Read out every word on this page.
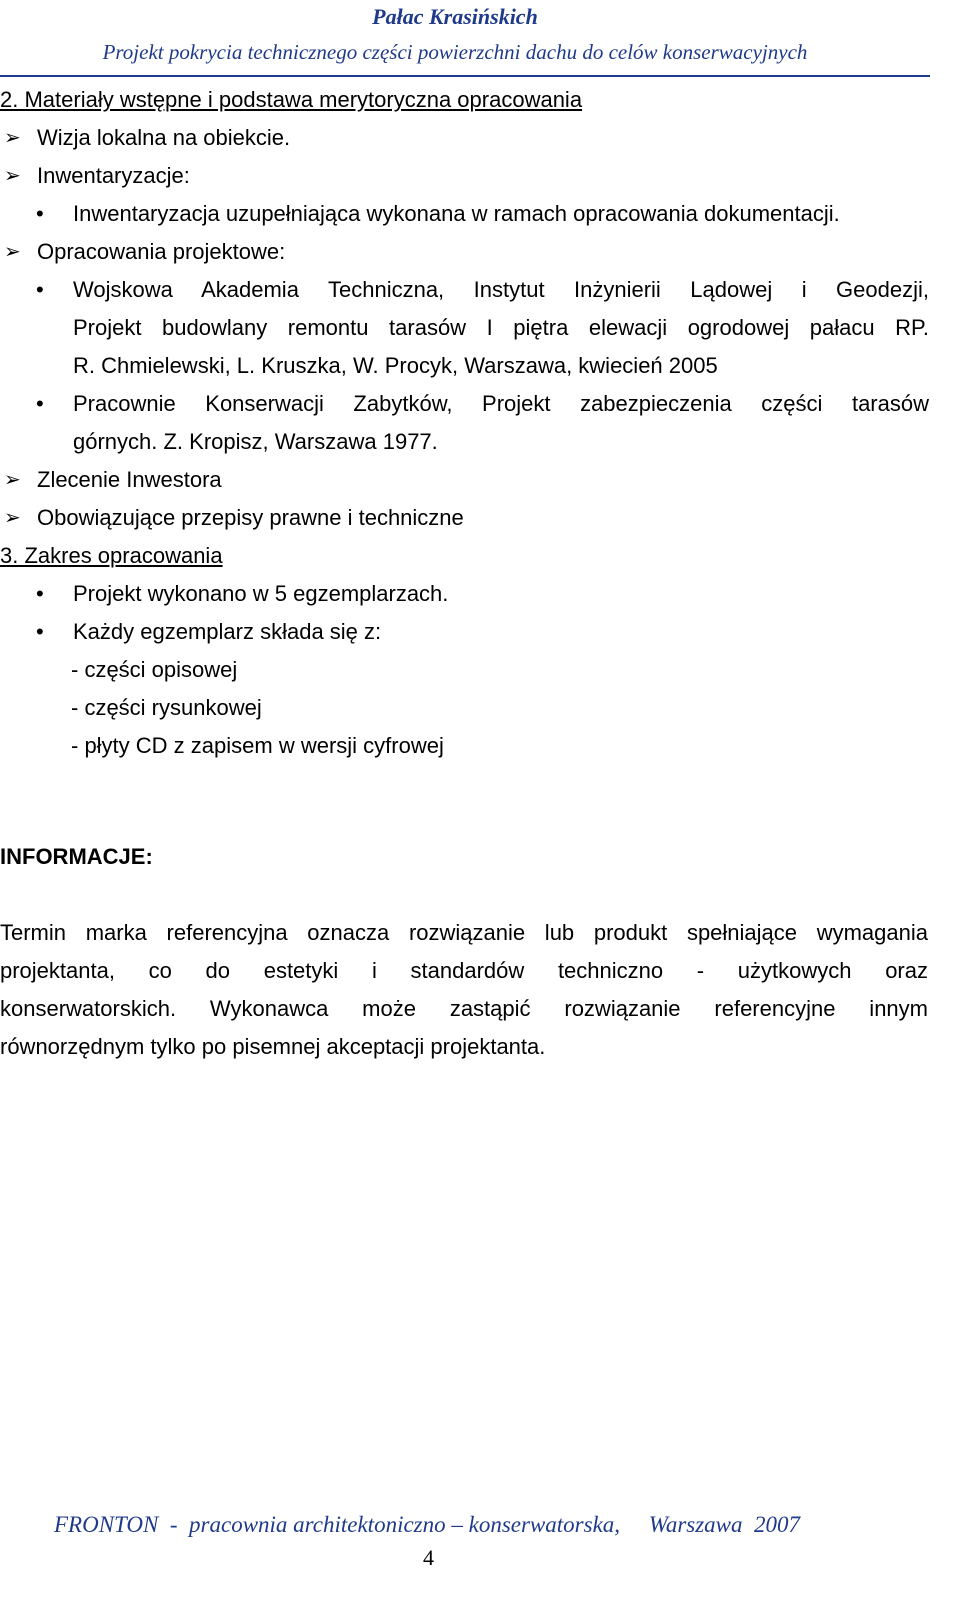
Pałac Krasińskich
Projekt pokrycia technicznego części powierzchni dachu do celów konserwacyjnych
2. Materiały wstępne i podstawa merytoryczna opracowania
➢ Wizja lokalna na obiekcie.
➢ Inwentaryzacje:
• Inwentaryzacja uzupełniająca wykonana w ramach opracowania dokumentacji.
➢ Opracowania projektowe:
• Wojskowa Akademia Techniczna, Instytut Inżynierii Lądowej i Geodezji,
Projekt budowlany remontu tarasów I piętra elewacji ogrodowej pałacu RP.
R. Chmielewski, L. Kruszka, W. Procyk, Warszawa, kwiecień 2005
• Pracownie Konserwacji Zabytków, Projekt zabezpieczenia części tarasów
górnych. Z. Kropisz, Warszawa 1977.
➢ Zlecenie Inwestora
➢ Obowiązujące przepisy prawne i techniczne
3. Zakres opracowania
• Projekt wykonano w 5 egzemplarzach.
• Każdy egzemplarz składa się z:
- części opisowej
- części rysunkowej
- płyty CD z zapisem w wersji cyfrowej
INFORMACJE:
Termin marka referencyjna oznacza rozwiązanie lub produkt spełniające wymagania
projektanta, co do estetyki i standardów techniczno - użytkowych oraz
konserwatorskich. Wykonawca może zastąpić rozwiązanie referencyjne innym
równorzędnym tylko po pisemnej akceptacji projektanta.
FRONTON  -  pracownia architektoniczno – konserwatorska,     Warszawa  2007
4
